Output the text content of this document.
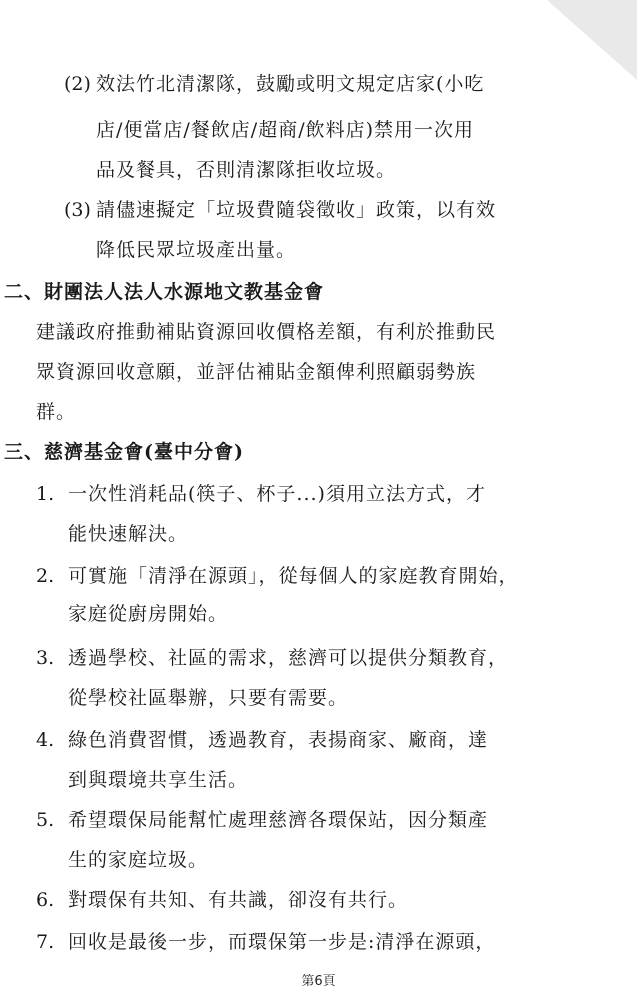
(2) 效法竹北清潔隊，鼓勵或明文規定店家(小吃
店/便當店/餐飲店/超商/飲料店)禁用一次用
品及餐具，否則清潔隊拒收垃圾。
(3) 請儘速擬定「垃圾費隨袋徵收」政策，以有效
降低民眾垃圾產出量。
二、財團法人法人水源地文教基金會
建議政府推動補貼資源回收價格差額，有利於推動民
眾資源回收意願，並評估補貼金額俾利照顧弱勢族
群。
三、慈濟基金會(臺中分會)
1. 一次性消耗品(筷子、杯子...)須用立法方式，才
能快速解決。
2. 可實施「清淨在源頭」，從每個人的家庭教育開始，
家庭從廚房開始。
3. 透過學校、社區的需求，慈濟可以提供分類教育，
從學校社區舉辦，只要有需要。
4. 綠色消費習慣，透過教育，表揚商家、廠商，達
到與環境共享生活。
5. 希望環保局能幫忙處理慈濟各環保站，因分類產
生的家庭垃圾。
6. 對環保有共知、有共識，卻沒有共行。
7. 回收是最後一步，而環保第一步是:清淨在源頭，
第6頁
